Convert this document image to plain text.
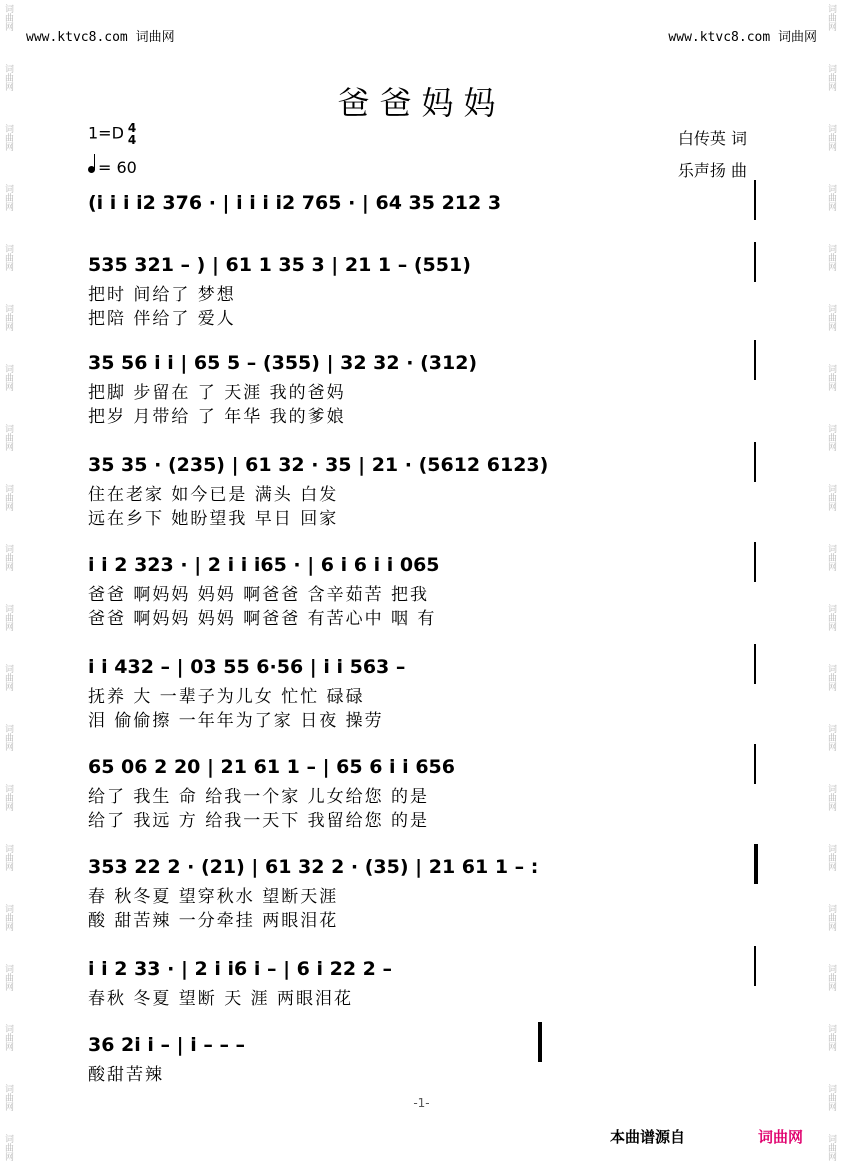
词曲网
词曲网
词曲网
词曲网
词曲网
词曲网
词曲网
词曲网
词曲网
词曲网
词曲网
词曲网
词曲网
词曲网
词曲网
词曲网
词曲网
词曲网
词曲网
词曲网
词曲网
词曲网
词曲网
词曲网
词曲网
词曲网
词曲网
词曲网
词曲网
词曲网
词曲网
词曲网
词曲网
词曲网
词曲网
词曲网
词曲网
词曲网
词曲网
词曲网
www.ktvc8.com 词曲网	www.ktvc8.com 词曲网
爸爸妈妈
1=D 4
4
= 60
白传英 词
乐声扬 曲
(i i i i2 376 · | i i i i2 765 · | 64 35 212 3
535 321 – ) | 61 1 35 3 | 21 1 – (551)
把时 间给了 梦想
把陪 伴给了 爱人
35 56 i i | 65 5 – (355) | 32 32 · (312)
把脚 步留在 了 天涯 我的爸妈
把岁 月带给 了 年华 我的爹娘
35 35 · (235) | 61 32 · 35 | 21 · (5612 6123)
住在老家 如今已是 满头 白发
远在乡下 她盼望我 早日 回家
i i 2 323 · | 2 i i i65 · | 6 i 6 i i 065
爸爸 啊妈妈 妈妈 啊爸爸 含辛茹苦 把我
爸爸 啊妈妈 妈妈 啊爸爸 有苦心中 咽 有
i i 432 – | 03 55 6·56 | i i 563 –
抚养 大 一辈子为儿女 忙忙 碌碌
泪 偷偷擦 一年年为了家 日夜 操劳
65 06 2 20 | 21 61 1 – | 65 6 i i 656
给了 我生 命 给我一个家 儿女给您 的是
给了 我远 方 给我一天下 我留给您 的是
353 22 2 · (21) | 61 32 2 · (35) | 21 61 1 – :
春 秋冬夏 望穿秋水 望断天涯
酸 甜苦辣 一分牵挂 两眼泪花
i i 2 33 · | 2 i i6 i – | 6 i 22 2 –
春秋 冬夏 望断 天 涯 两眼泪花
36 2i i – | i – – –
酸甜苦辣
-1-
本曲谱源自	词曲网
